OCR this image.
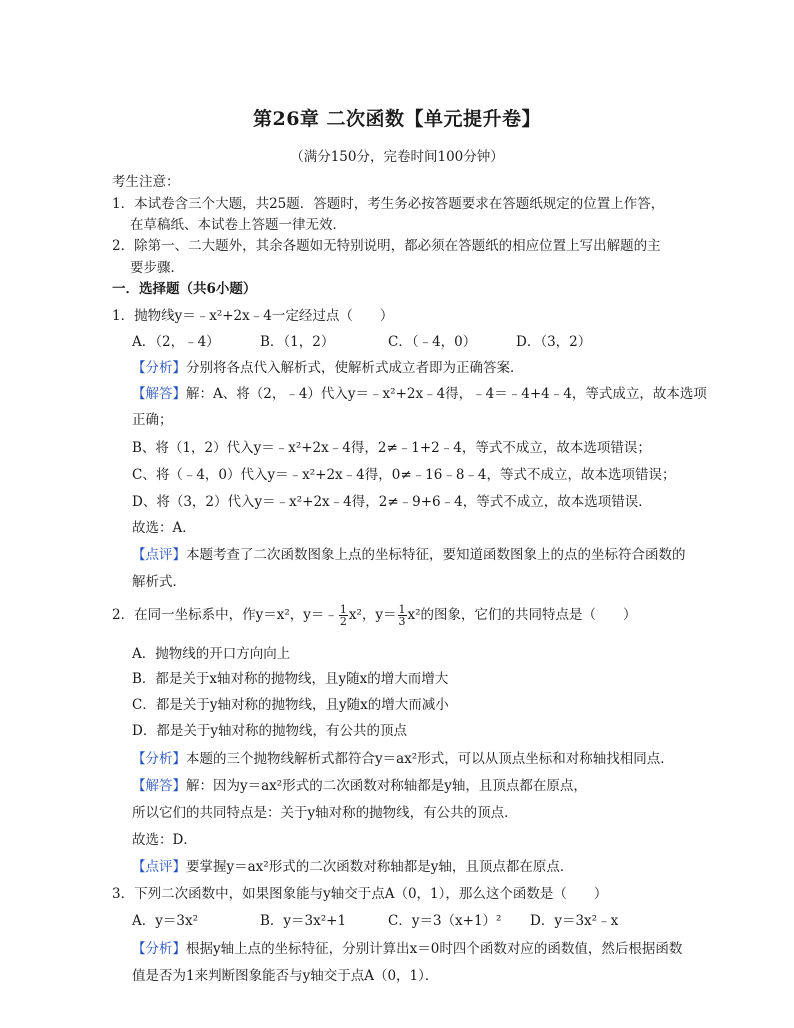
第26章 二次函数【单元提升卷】
（满分150分，完卷时间100分钟）
考生注意：
1．本试卷含三个大题，共25题．答题时，考生务必按答题要求在答题纸规定的位置上作答，
在草稿纸、本试卷上答题一律无效．
2．除第一、二大题外，其余各题如无特别说明，都必须在答题纸的相应位置上写出解题的主
要步骤．
一．选择题（共6小题）
1．抛物线y＝﹣x²+2x﹣4一定经过点（　　）
A．（2，﹣4）	B．（1，2）	C．（﹣4，0）	D．（3，2）
【分析】分别将各点代入解析式，使解析式成立者即为正确答案．
【解答】解：A、将（2，﹣4）代入y＝﹣x²+2x﹣4得，﹣4＝﹣4+4﹣4，等式成立，故本选项
正确；
B、将（1，2）代入y＝﹣x²+2x﹣4得，2≠﹣1+2﹣4，等式不成立，故本选项错误；
C、将（﹣4，0）代入y＝﹣x²+2x﹣4得，0≠﹣16﹣8﹣4，等式不成立，故本选项错误；
D、将（3，2）代入y＝﹣x²+2x﹣4得，2≠﹣9+6﹣4，等式不成立，故本选项错误．
故选：A．
【点评】本题考查了二次函数图象上点的坐标特征，要知道函数图象上的点的坐标符合函数的
解析式．
2．在同一坐标系中，作y＝x²，y＝﹣ $\frac{1}{2} x^2$，$y= \frac{1}{3} x^2$的图象，它们的共同特点是（　　）
A．抛物线的开口方向向上
B．都是关于x轴对称的抛物线，且y随x的增大而增大
C．都是关于y轴对称的抛物线，且y随x的增大而减小
D．都是关于y轴对称的抛物线，有公共的顶点
【分析】本题的三个抛物线解析式都符合y＝ax²形式，可以从顶点坐标和对称轴找相同点．
【解答】解：因为y＝ax²形式的二次函数对称轴都是y轴，且顶点都在原点，
所以它们的共同特点是：关于y轴对称的抛物线，有公共的顶点．
故选：D．
【点评】要掌握y＝ax²形式的二次函数对称轴都是y轴，且顶点都在原点．
3．下列二次函数中，如果图象能与y轴交于点A（0，1），那么这个函数是（　　）
A．y＝3x²	B．y＝3x²+1	C．y＝3（x+1）² D．y＝3x²﹣x
【分析】根据y轴上点的坐标特征，分别计算出x＝0时四个函数对应的函数值，然后根据函数
值是否为1来判断图象能否与y轴交于点A（0，1）．
